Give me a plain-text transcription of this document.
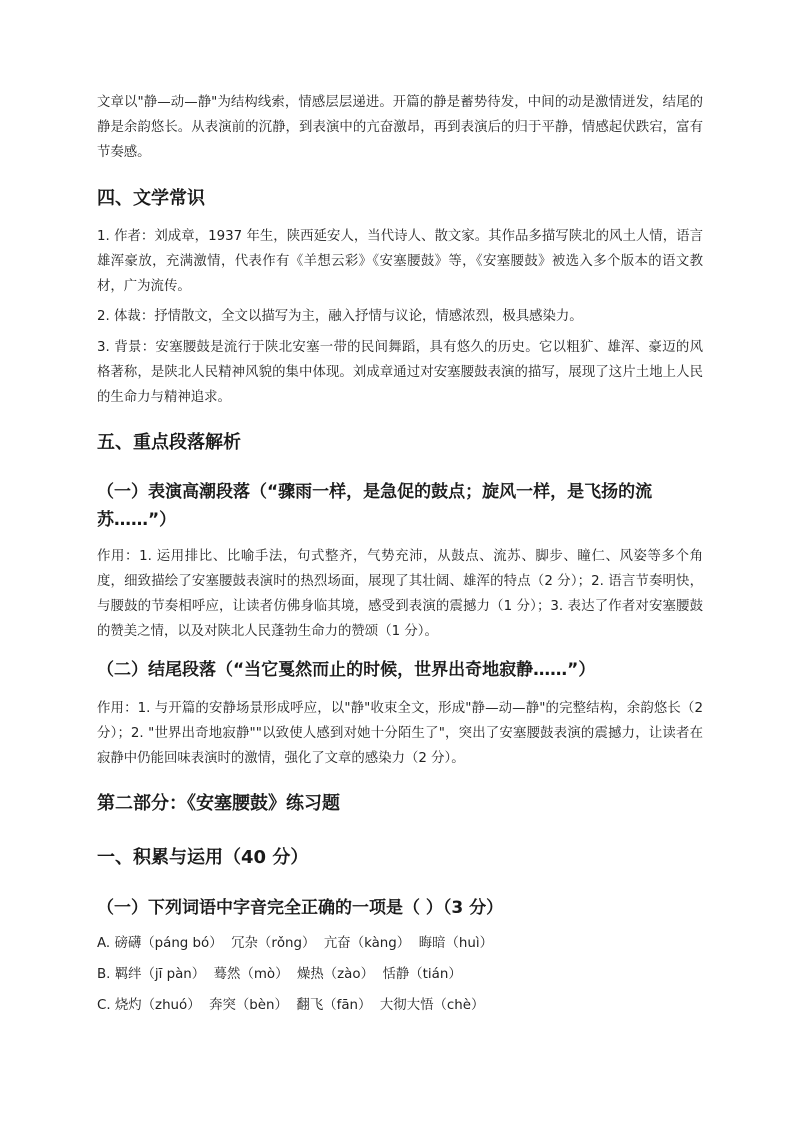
文章以"静—动—静"为结构线索，情感层层递进。开篇的静是蓄势待发，中间的动是激情迸发，结尾的静是余韵悠长。从表演前的沉静，到表演中的亢奋激昂，再到表演后的归于平静，情感起伏跌宕，富有节奏感。

四、文学常识

1. 作者：刘成章，1937 年生，陕西延安人，当代诗人、散文家。其作品多描写陕北的风土人情，语言雄浑豪放，充满激情，代表作有《羊想云彩》《安塞腰鼓》等，《安塞腰鼓》被选入多个版本的语文教材，广为流传。

2. 体裁：抒情散文，全文以描写为主，融入抒情与议论，情感浓烈，极具感染力。

3. 背景：安塞腰鼓是流行于陕北安塞一带的民间舞蹈，具有悠久的历史。它以粗犷、雄浑、豪迈的风格著称，是陕北人民精神风貌的集中体现。刘成章通过对安塞腰鼓表演的描写，展现了这片土地上人民的生命力与精神追求。

五、重点段落解析
（一）表演高潮段落（“骤雨一样，是急促的鼓点；旋风一样，是飞扬的流苏……”）

作用：1. 运用排比、比喻手法，句式整齐，气势充沛，从鼓点、流苏、脚步、瞳仁、风姿等多个角度，细致描绘了安塞腰鼓表演时的热烈场面，展现了其壮阔、雄浑的特点（2 分）；2. 语言节奏明快，与腰鼓的节奏相呼应，让读者仿佛身临其境，感受到表演的震撼力（1 分）；3. 表达了作者对安塞腰鼓的赞美之情，以及对陕北人民蓬勃生命力的赞颂（1 分）。

（二）结尾段落（“当它戛然而止的时候，世界出奇地寂静……”）

作用：1. 与开篇的安静场景形成呼应，以"静"收束全文，形成"静—动—静"的完整结构，余韵悠长（2 分）；2. "世界出奇地寂静""以致使人感到对她十分陌生了"，突出了安塞腰鼓表演的震撼力，让读者在寂静中仍能回味表演时的激情，强化了文章的感染力（2 分）。

第二部分：《安塞腰鼓》练习题
一、积累与运用（40 分）
（一）下列词语中字音完全正确的一项是（ ）（3 分）

A. 磅礴（páng bó）  冗杂（rǒng）  亢奋（kàng）  晦暗（huì）

B. 羁绊（jī pàn）  蓦然（mò）  燥热（zào）  恬静（tián）

C. 烧灼（zhuó）  奔突（bèn）  翻飞（fān）  大彻大悟（chè）
